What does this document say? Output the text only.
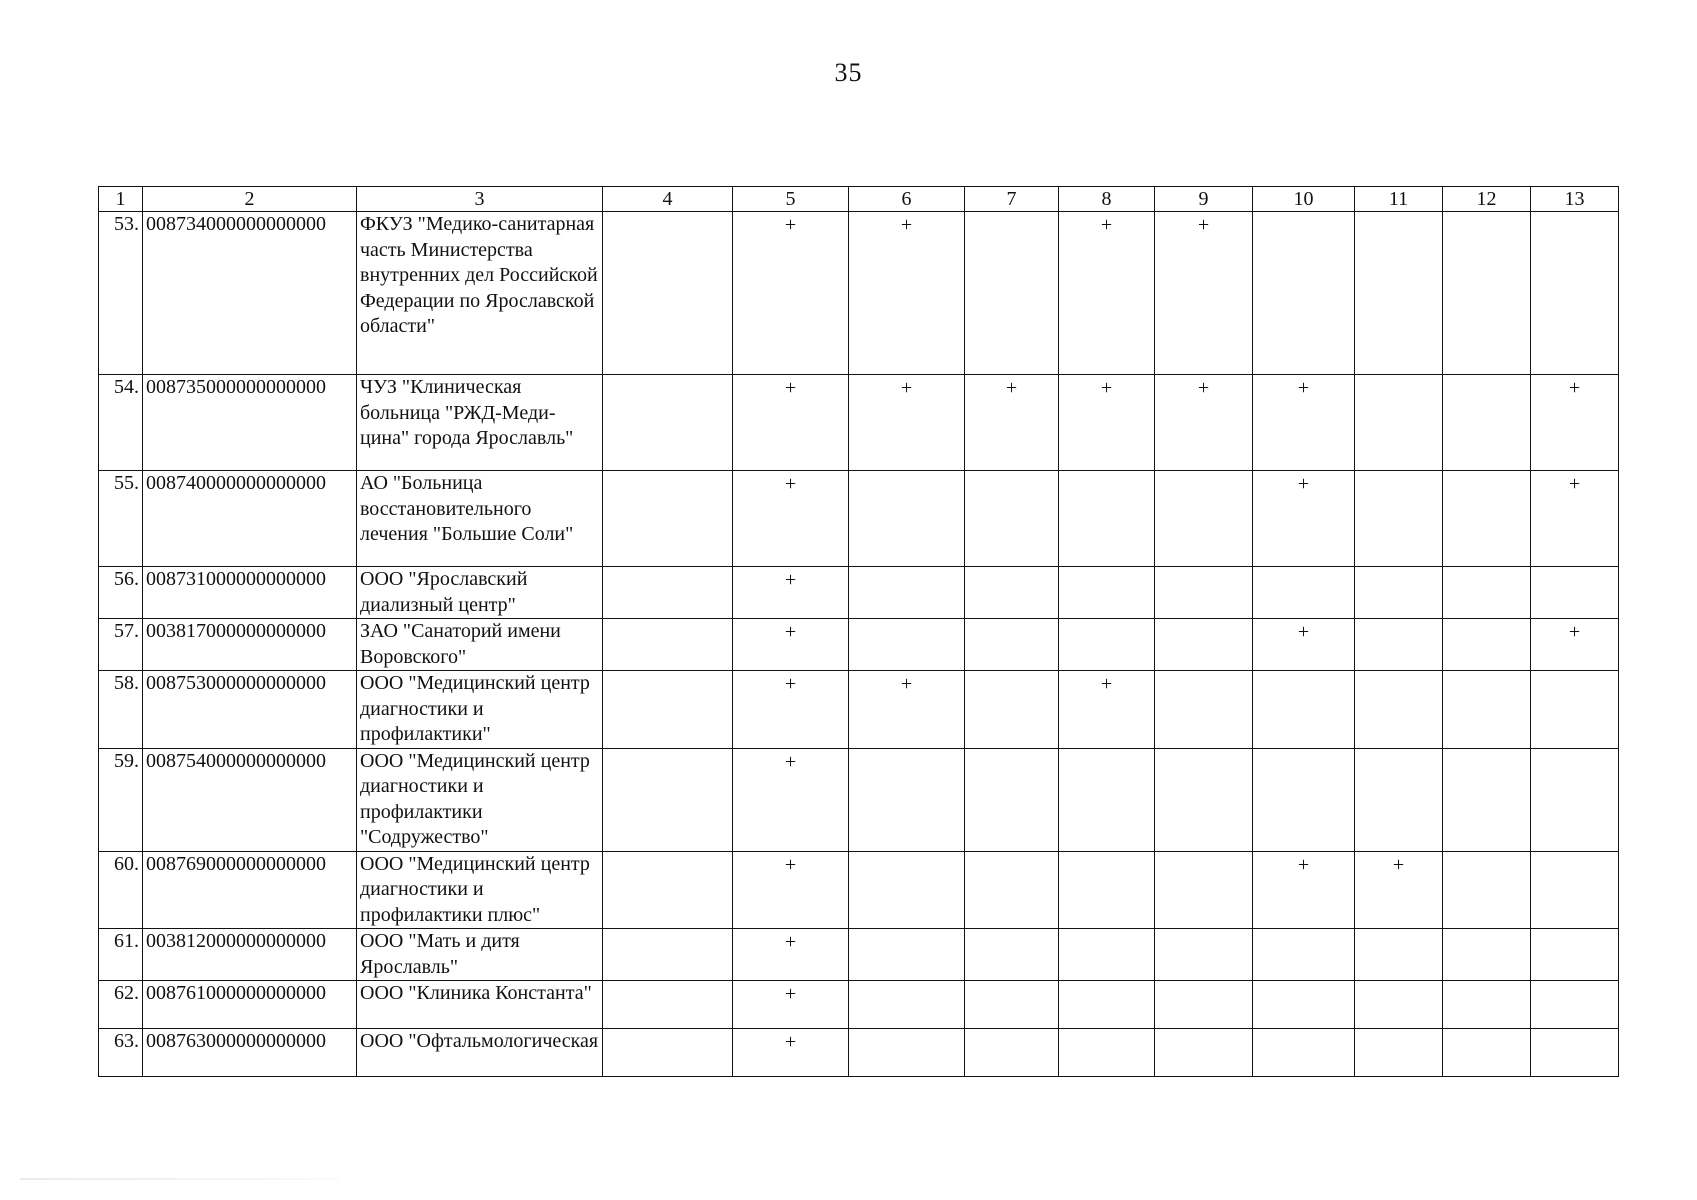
35
1	2	3	4	5	6	7	8	9	10	11	12	13
53.	008734000000000000	ФКУЗ "Медико-санитарная часть Министерства внутренних дел Российской Федерации по Ярославской области"		+	+		+	+				
54.	008735000000000000	ЧУЗ "Клиническая больница "РЖД-Меди-цина" города Ярославль"		+	+	+	+	+	+			+
55.	008740000000000000	АО "Больница восстановительного лечения "Большие Соли"		+					+			+
56.	008731000000000000	ООО "Ярославский диализный центр"		+								
57.	003817000000000000	ЗАО "Санаторий имени Воровского"		+					+			+
58.	008753000000000000	ООО "Медицинский центр диагностики и профилактики"		+	+		+					
59.	008754000000000000	ООО "Медицинский центр диагностики и профилактики "Содружество"		+								
60.	008769000000000000	ООО "Медицинский центр диагностики и профилактики плюс"		+					+	+		
61.	003812000000000000	ООО "Мать и дитя Ярославль"		+								
62.	008761000000000000	ООО "Клиника Константа"		+								
63.	008763000000000000	ООО "Офтальмологическая		+								
